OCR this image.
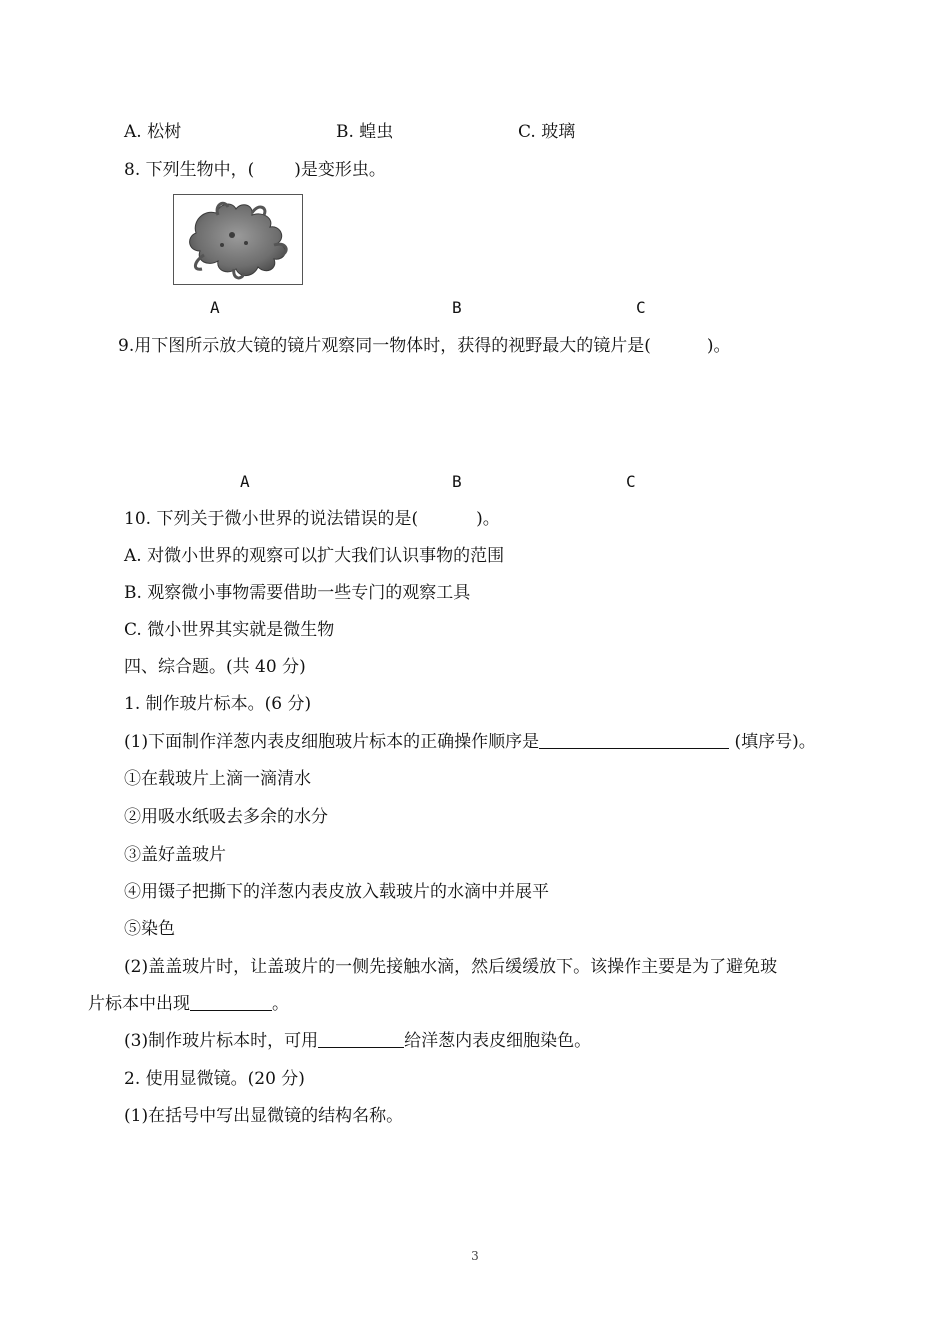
A. 松树	B. 蝗虫	C. 玻璃
8. 下列生物中，( )是变形虫。
A	B	C
9.用下图所示放大镜的镜片观察同一物体时，获得的视野最大的镜片是(	)。
A	B	C
10. 下列关于微小世界的说法错误的是(	)。
A. 对微小世界的观察可以扩大我们认识事物的范围
B. 观察微小事物需要借助一些专门的观察工具
C. 微小世界其实就是微生物
四、综合题。(共 40 分)
1. 制作玻片标本。(6 分)
(1)下面制作洋葱内表皮细胞玻片标本的正确操作顺序是	(填序号)。
①在载玻片上滴一滴清水
②用吸水纸吸去多余的水分
③盖好盖玻片
④用镊子把撕下的洋葱内表皮放入载玻片的水滴中并展平
⑤染色
(2)盖盖玻片时，让盖玻片的一侧先接触水滴，然后缓缓放下。该操作主要是为了避免玻
片标本中出现	。
(3)制作玻片标本时，可用	给洋葱内表皮细胞染色。
2. 使用显微镜。(20 分)
(1)在括号中写出显微镜的结构名称。
3
